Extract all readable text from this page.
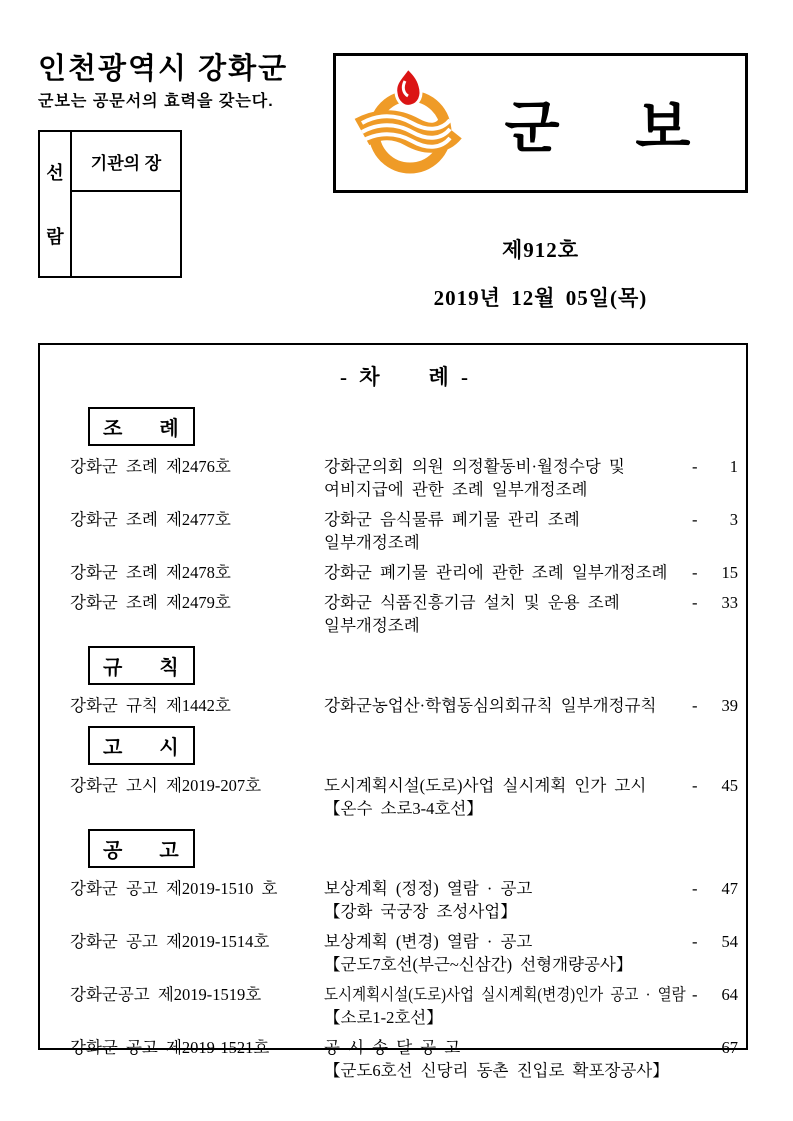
인천광역시 강화군
군보는 공문서의 효력을 갖는다.
선
람
기관의 장
군 보
제912호
2019년 12월 05일(목)
- 차    례 -
조   례
강화군 조례 제2476호	강화군의회 의원 의정활동비·월정수당 및
여비지급에 관한 조례 일부개정조례
- 1
강화군 조례 제2477호	강화군 음식물류 폐기물 관리 조례
일부개정조례
- 3
강화군 조례 제2478호	강화군 폐기물 관리에 관한 조례 일부개정조례	- 15
강화군 조례 제2479호	강화군 식품진흥기금 설치 및 운용 조례
일부개정조례
- 33
규   칙
강화군 규칙 제1442호	강화군농업산·학협동심의회규칙 일부개정규칙	- 39
고   시
강화군 고시 제2019-207호	도시계획시설(도로)사업 실시계획 인가 고시
【온수 소로3-4호선】
- 45
공   고
강화군 공고 제2019-1510 호	보상계획 (정정) 열람 · 공고
【강화 국궁장 조성사업】
- 47
강화군 공고 제2019-1514호	보상계획 (변경) 열람 · 공고
【군도7호선(부근~신삼간) 선형개량공사】
- 54
강화군공고 제2019-1519호	도시계획시설(도로)사업 실시계획(변경)인가 공고 · 열람
【소로1-2호선】
- 64
강화군 공고 제2019-1521호	공 시 송 달 공 고
【군도6호선 신당리 동촌 진입로 확포장공사】
- 67
